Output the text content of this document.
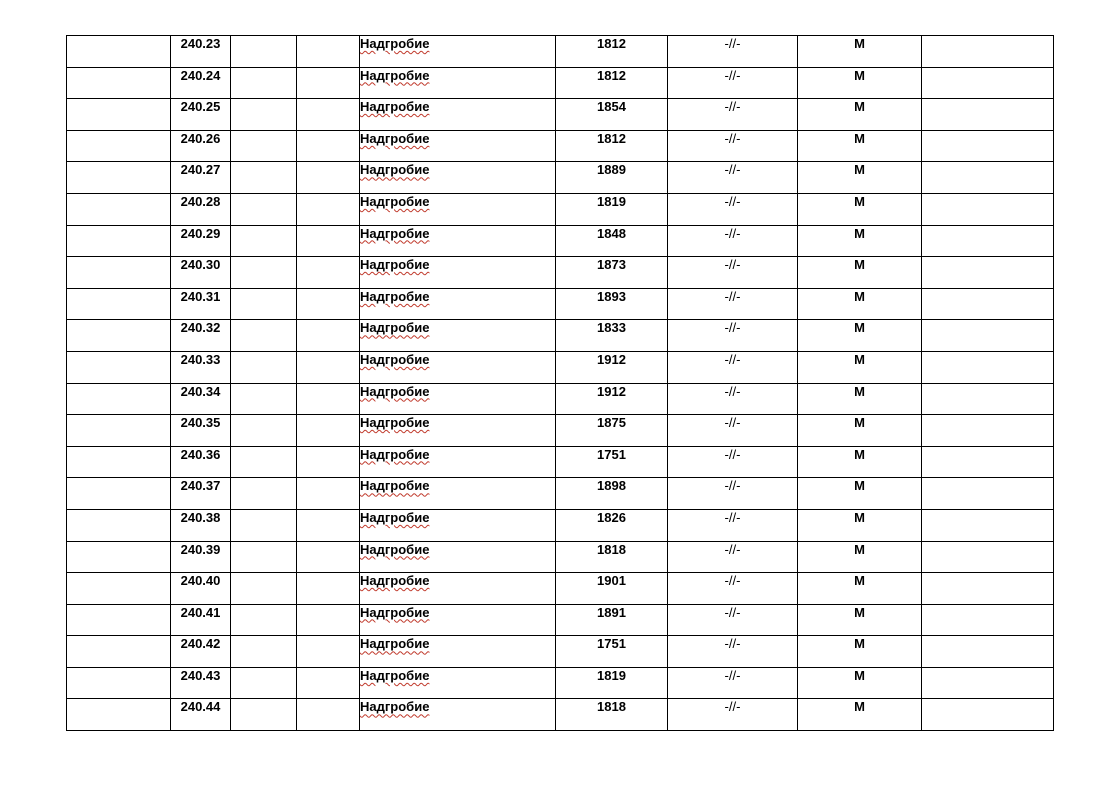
	240.23			Надгробие	1812	-//-	М	
	240.24			Надгробие	1812	-//-	М	
	240.25			Надгробие	1854	-//-	М	
	240.26			Надгробие	1812	-//-	М	
	240.27			Надгробие	1889	-//-	М	
	240.28			Надгробие	1819	-//-	М	
	240.29			Надгробие	1848	-//-	М	
	240.30			Надгробие	1873	-//-	М	
	240.31			Надгробие	1893	-//-	М	
	240.32			Надгробие	1833	-//-	М	
	240.33			Надгробие	1912	-//-	М	
	240.34			Надгробие	1912	-//-	М	
	240.35			Надгробие	1875	-//-	М	
	240.36			Надгробие	1751	-//-	М	
	240.37			Надгробие	1898	-//-	М	
	240.38			Надгробие	1826	-//-	М	
	240.39			Надгробие	1818	-//-	М	
	240.40			Надгробие	1901	-//-	М	
	240.41			Надгробие	1891	-//-	М	
	240.42			Надгробие	1751	-//-	М	
	240.43			Надгробие	1819	-//-	М	
	240.44			Надгробие	1818	-//-	М	
